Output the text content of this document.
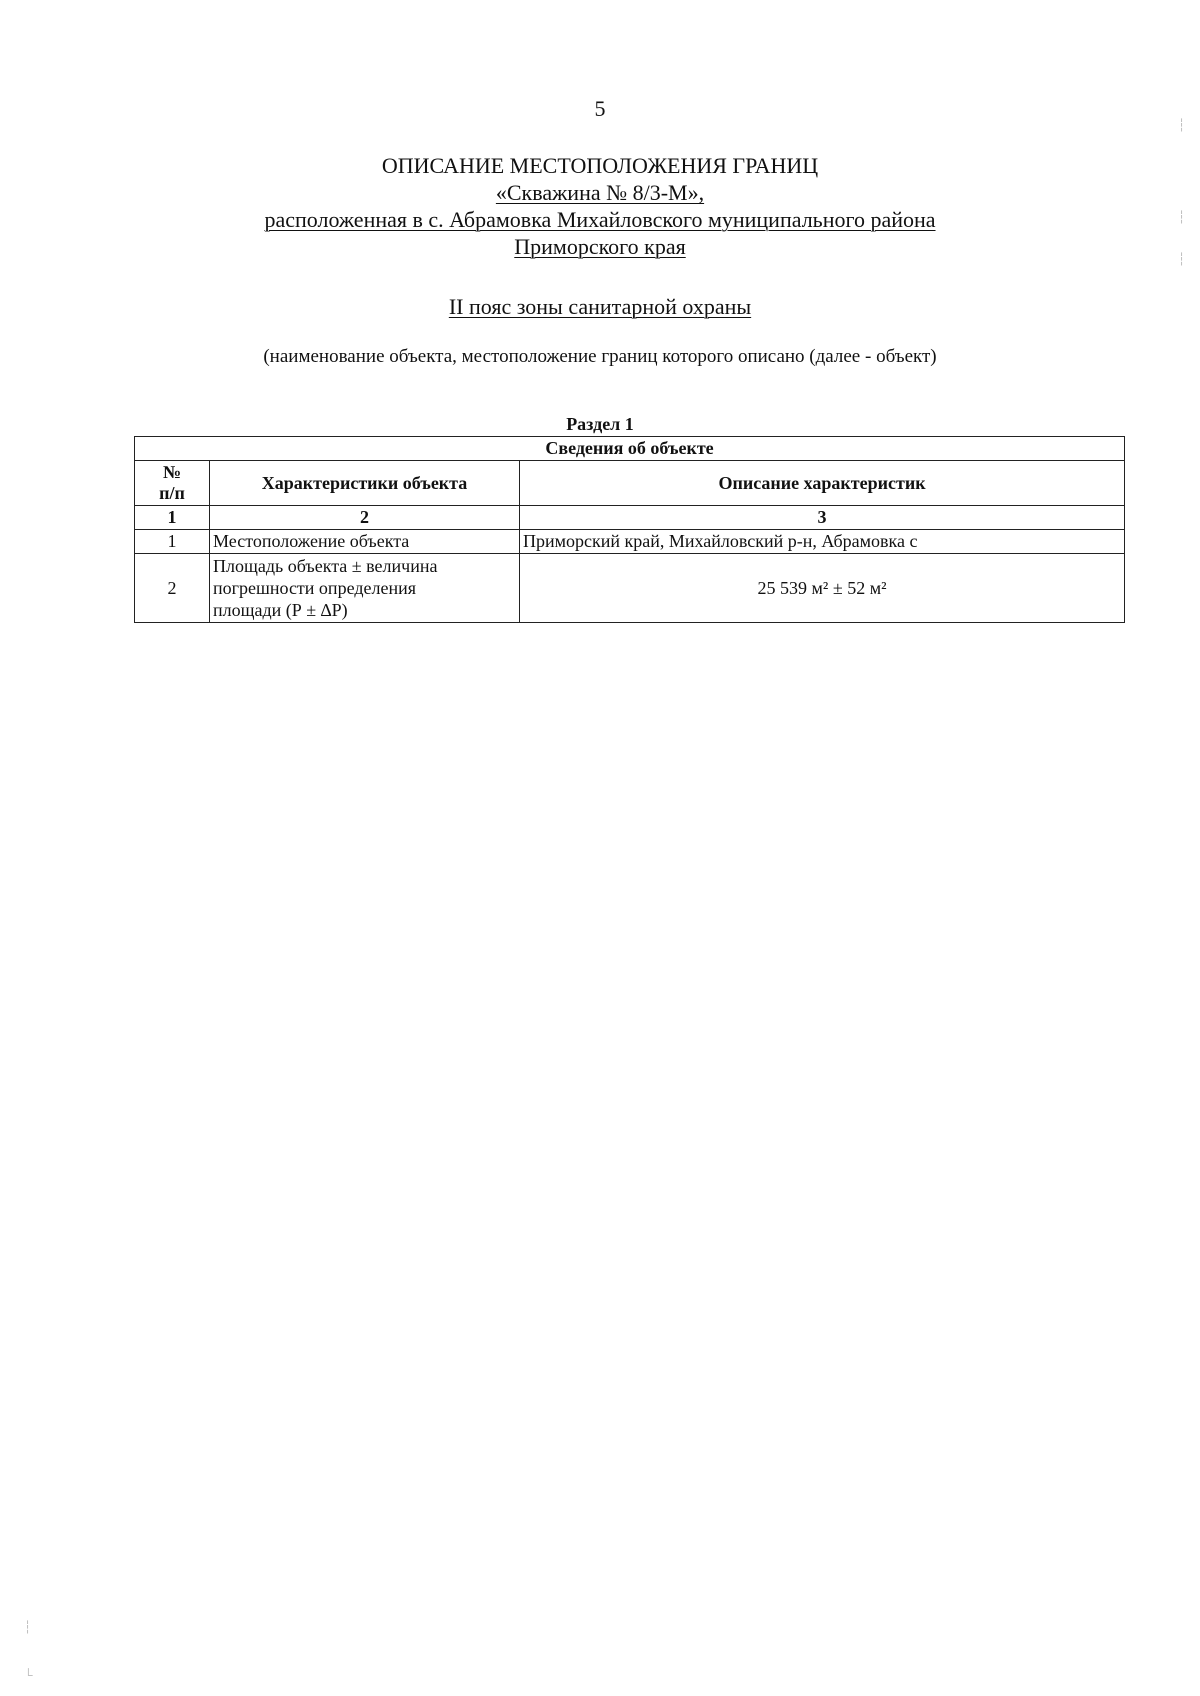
5
ОПИСАНИЕ МЕСТОПОЛОЖЕНИЯ ГРАНИЦ
«Скважина № 8/3-М»,
расположенная в с. Абрамовка Михайловского муниципального района
Приморского края
II пояс зоны санитарной охраны
(наименование объекта, местоположение границ которого описано (далее - объект)
Раздел 1
Сведения об объекте		

№
п/п	Характеристики объекта	Описание характеристик
1	2	3
1	Местоположение объекта	Приморский край, Михайловский р-н, Абрамовка с
2	Площадь объекта ± величина
погрешности определения
площади (Р ± ∆Р)	25 539 м² ± 52 м²
┆
┆
┆
┆
└
